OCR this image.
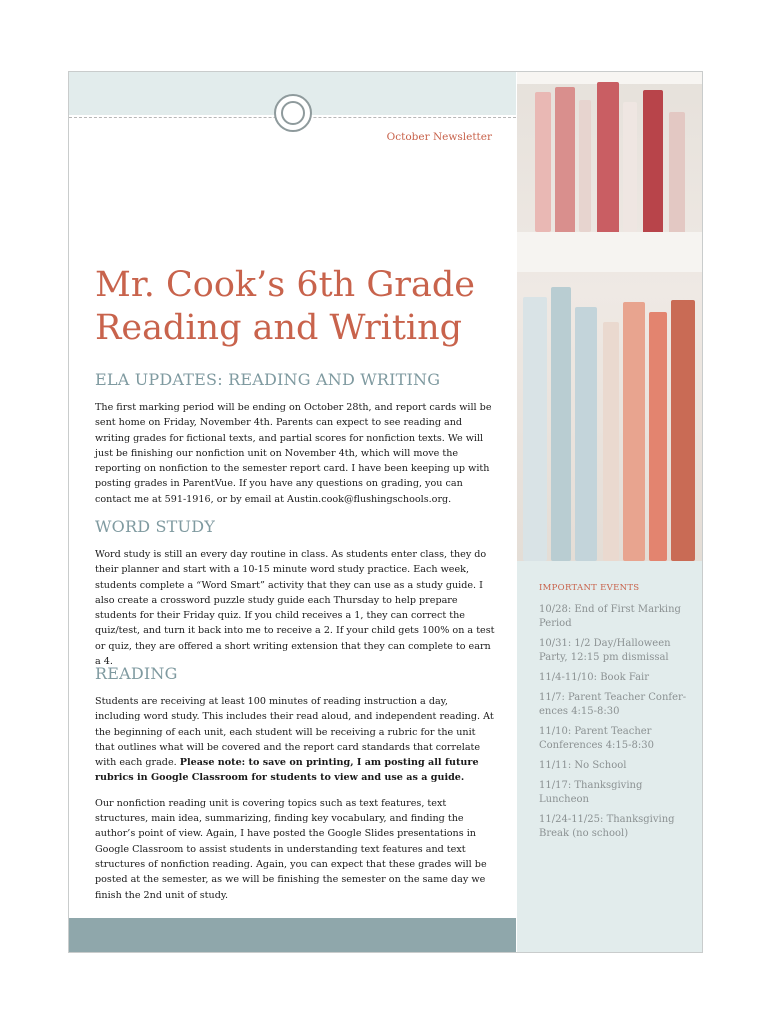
October Newsletter
Mr. Cook’s 6th Grade
Reading and Writing
ELA UPDATES: READING AND WRITING

The first marking period will be ending on October 28th, and report cards will be sent home on Friday, November 4th. Parents can expect to see reading and writing grades for fictional texts, and partial scores for nonfiction texts. We will just be finishing our nonfiction unit on November 4th, which will move the reporting on nonfiction to the semester report card. I have been keeping up with posting grades in ParentVue. If you have any questions on grading, you can contact me at 591-1916, or by email at Austin.cook@flushingschools.org.

WORD STUDY

Word study is still an every day routine in class. As students enter class, they do their planner and start with a 10-15 minute word study practice. Each week, students complete a “Word Smart” activity that they can use as a study guide. I also create a crossword puzzle study guide each Thursday to help prepare students for their Friday quiz. If you child receives a 1, they can correct the quiz/test, and turn it back into me to receive a 2. If your child gets 100% on a test or quiz, they are offered a short writing extension that they can complete to earn a 4.

READING

Students are receiving at least 100 minutes of reading instruction a day, including word study. This includes their read aloud, and independent reading. At the beginning of each unit, each student will be receiving a rubric for the unit that outlines what will be covered and the report card standards that correlate with each grade. Please note: to save on printing, I am posting all future rubrics in Google Classroom for students to view and use as a guide.

Our nonfiction reading unit is covering topics such as text features, text structures, main idea, summarizing, finding key vocabulary, and finding the author’s point of view. Again, I have posted the Google Slides presentations in Google Classroom to assist students in understanding text features and text structures of nonfiction reading. Again, you can expect that these grades will be posted at the semester, as we will be finishing the semester on the same day we finish the 2nd unit of study.

IMPORTANT EVENTS
10/28: End of First Marking Period
10/31: 1/2 Day/Halloween Party, 12:15 pm dismissal
11/4-11/10: Book Fair
11/7: Parent Teacher Conferences 4:15-8:30
11/10: Parent Teacher Conferences 4:15-8:30
11/11: No School
11/17: Thanksgiving Luncheon
11/24-11/25: Thanksgiving Break (no school)
